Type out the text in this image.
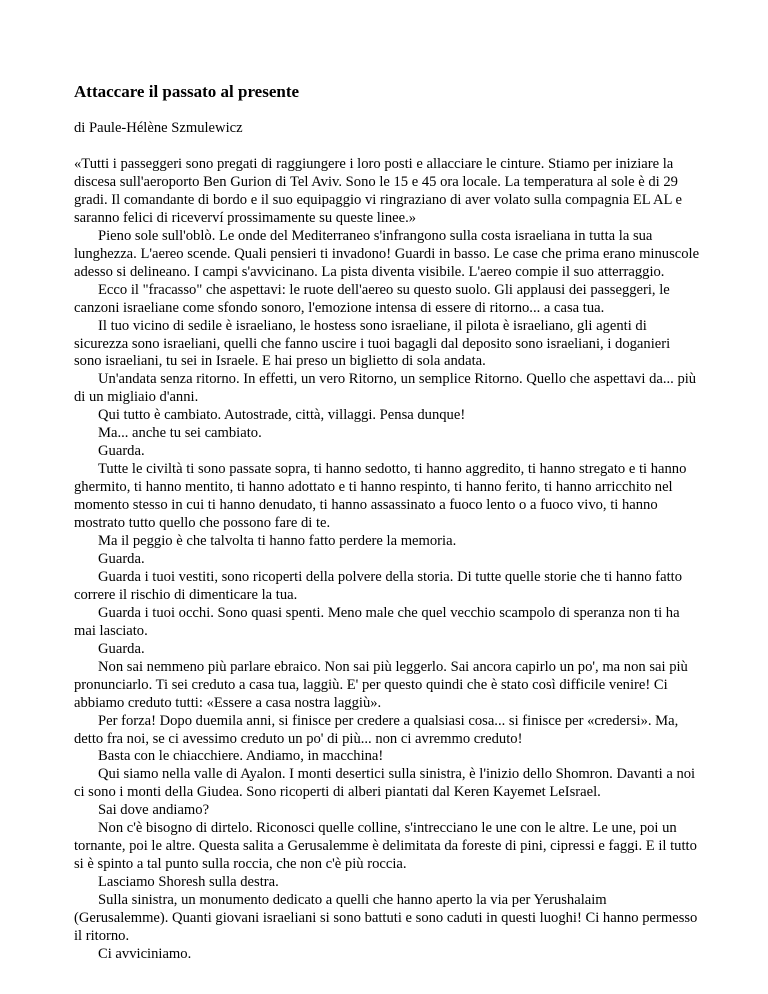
Attaccare il passato al presente
di Paule-Hélène Szmulewicz

«Tutti i passeggeri sono pregati di raggiungere i loro posti e allacciare le cinture. Stiamo per iniziare la discesa sull'aeroporto Ben Gurion di Tel Aviv. Sono le 15 e 45 ora locale. La temperatura al sole è di 29 gradi. Il comandante di bordo e il suo equipaggio vi ringraziano di aver volato sulla compagnia EL AL e saranno felici di riceverví prossimamente su queste linee.»

Pieno sole sull'oblò. Le onde del Mediterraneo s'infrangono sulla costa israeliana in tutta la sua lunghezza. L'aereo scende. Quali pensieri ti invadono! Guardi in basso. Le case che prima erano minuscole adesso si delineano. I campi s'avvicinano. La pista diventa visibile. L'aereo compie il suo atterraggio.

Ecco il "fracasso" che aspettavi: le ruote dell'aereo su questo suolo. Gli applausi dei passeggeri, le canzoni israeliane come sfondo sonoro, l'emozione intensa di essere di ritorno... a casa tua.

Il tuo vicino di sedile è israeliano, le hostess sono israeliane, il pilota è israeliano, gli agenti di sicurezza sono israeliani, quelli che fanno uscire i tuoi bagagli dal deposito sono israeliani, i doganieri sono israeliani, tu sei in Israele. E hai preso un biglietto di sola andata.

Un'andata senza ritorno. In effetti, un vero Ritorno, un semplice Ritorno. Quello che aspettavi da... più di un migliaio d'anni.

Qui tutto è cambiato. Autostrade, città, villaggi. Pensa dunque!

Ma... anche tu sei cambiato.

Guarda.

Tutte le civiltà ti sono passate sopra, ti hanno sedotto, ti hanno aggredito, ti hanno stregato e ti hanno ghermito, ti hanno mentito, ti hanno adottato e ti hanno respinto, ti hanno ferito, ti hanno arricchito nel momento stesso in cui ti hanno denudato, ti hanno assassinato a fuoco lento o a fuoco vivo, ti hanno mostrato tutto quello che possono fare di te.

Ma il peggio è che talvolta ti hanno fatto perdere la memoria.

Guarda.

Guarda i tuoi vestiti, sono ricoperti della polvere della storia. Di tutte quelle storie che ti hanno fatto correre il rischio di dimenticare la tua.

Guarda i tuoi occhi. Sono quasi spenti. Meno male che quel vecchio scampolo di speranza non ti ha mai lasciato.

Guarda.

Non sai nemmeno più parlare ebraico. Non sai più leggerlo. Sai ancora capirlo un po', ma non sai più pronunciarlo. Ti sei creduto a casa tua, laggiù. E' per questo quindi che è stato così difficile venire! Ci abbiamo creduto tutti: «Essere a casa nostra laggiù».

Per forza! Dopo duemila anni, si finisce per credere a qualsiasi cosa... si finisce per «credersi». Ma, detto fra noi, se ci avessimo creduto un po' di più... non ci avremmo creduto!

Basta con le chiacchiere. Andiamo, in macchina!

Qui siamo nella valle di Ayalon. I monti desertici sulla sinistra, è l'inizio dello Shomron. Davanti a noi ci sono i monti della Giudea. Sono ricoperti di alberi piantati dal Keren Kayemet LeIsrael.

Sai dove andiamo?

Non c'è bisogno di dirtelo. Riconosci quelle colline, s'intrecciano le une con le altre. Le une, poi un tornante, poi le altre. Questa salita a Gerusalemme è delimitata da foreste di pini, cipressi e faggi. E il tutto si è spinto a tal punto sulla roccia, che non c'è più roccia.

Lasciamo Shoresh sulla destra.

Sulla sinistra, un monumento dedicato a quelli che hanno aperto la via per Yerushalaim (Gerusalemme). Quanti giovani israeliani si sono battuti e sono caduti in questi luoghi! Ci hanno permesso il ritorno.

Ci avviciniamo.
